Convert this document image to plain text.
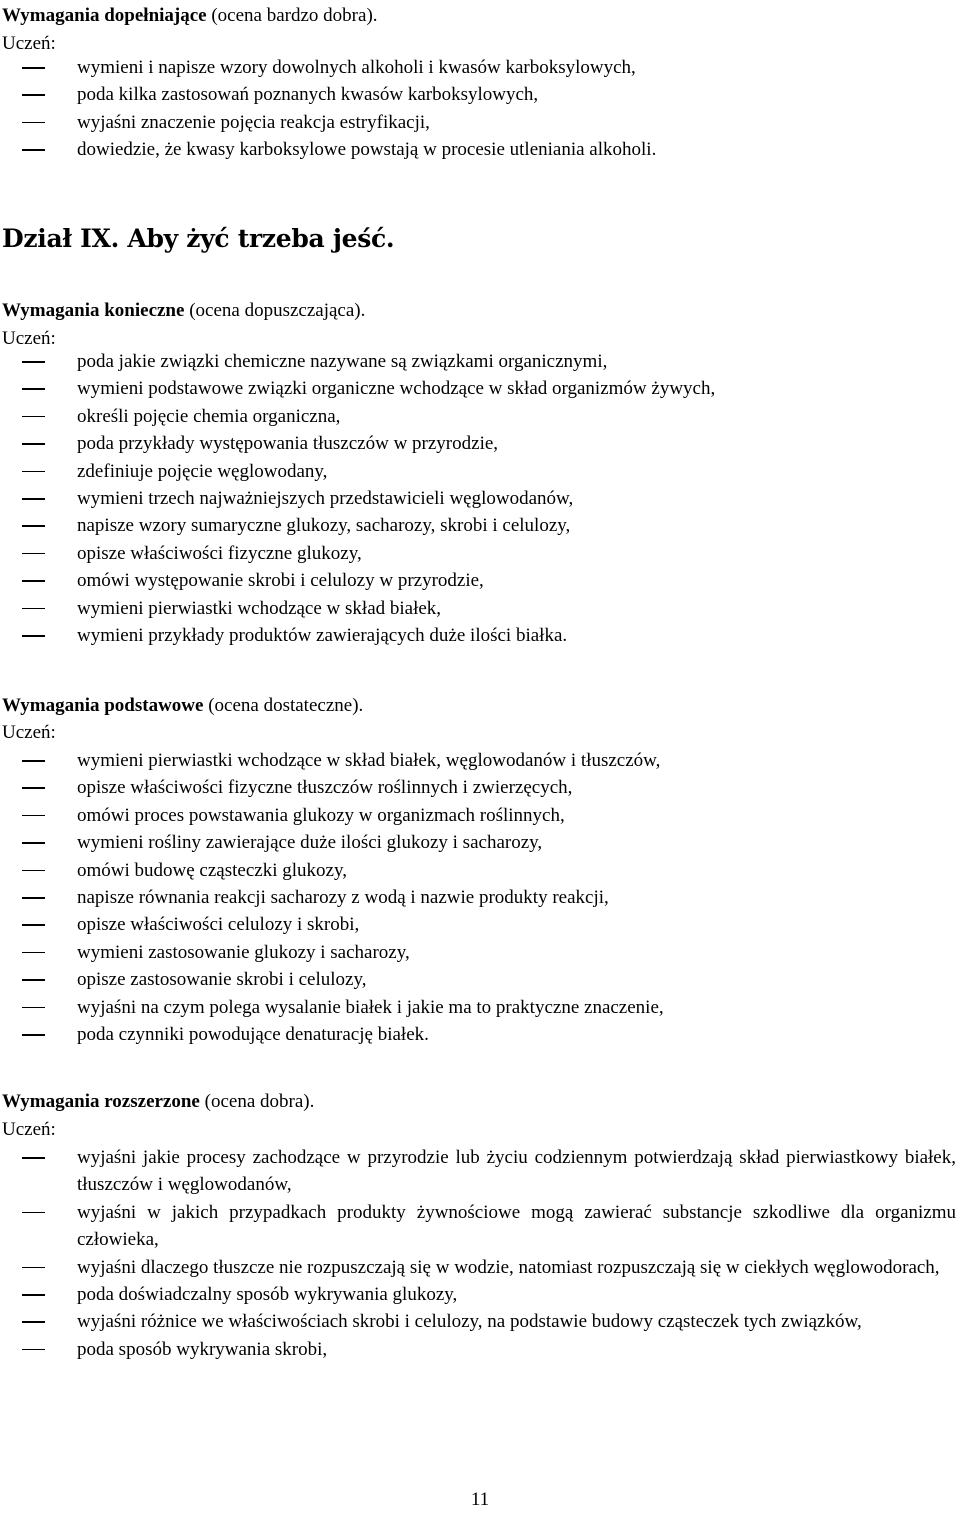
Wymagania dopełniające (ocena bardzo dobra).
Uczeń:
wymieni i napisze wzory dowolnych alkoholi i kwasów karboksylowych,
poda kilka zastosowań poznanych kwasów karboksylowych,
wyjaśni znaczenie pojęcia reakcja estryfikacji,
dowiedzie, że kwasy karboksylowe powstają w procesie utleniania alkoholi.
Dział IX. Aby żyć trzeba jeść.
Wymagania konieczne (ocena dopuszczająca).
Uczeń:
poda jakie związki chemiczne nazywane są związkami organicznymi,
wymieni podstawowe związki organiczne wchodzące w skład organizmów żywych,
określi pojęcie chemia organiczna,
poda przykłady występowania tłuszczów w przyrodzie,
zdefiniuje pojęcie węglowodany,
wymieni trzech najważniejszych przedstawicieli węglowodanów,
napisze wzory sumaryczne glukozy, sacharozy, skrobi i celulozy,
opisze właściwości fizyczne glukozy,
omówi występowanie skrobi i celulozy w przyrodzie,
wymieni pierwiastki wchodzące w skład białek,
wymieni przykłady produktów zawierających duże ilości białka.
Wymagania podstawowe (ocena dostateczne).
Uczeń:
wymieni pierwiastki wchodzące w skład białek, węglowodanów i tłuszczów,
opisze właściwości fizyczne tłuszczów roślinnych i zwierzęcych,
omówi proces powstawania glukozy w organizmach roślinnych,
wymieni rośliny zawierające duże ilości glukozy i sacharozy,
omówi budowę cząsteczki glukozy,
napisze równania reakcji sacharozy z wodą i nazwie produkty reakcji,
opisze właściwości celulozy i skrobi,
wymieni zastosowanie glukozy i sacharozy,
opisze zastosowanie skrobi i celulozy,
wyjaśni na czym polega wysalanie białek i jakie ma to praktyczne znaczenie,
poda czynniki powodujące denaturację białek.
Wymagania rozszerzone (ocena dobra).
Uczeń:
wyjaśni jakie procesy zachodzące w przyrodzie lub życiu codziennym potwierdzają skład pierwiastkowy białek, tłuszczów i węglowodanów,
wyjaśni w jakich przypadkach produkty żywnościowe mogą zawierać substancje szkodliwe dla organizmu człowieka,
wyjaśni dlaczego tłuszcze nie rozpuszczają się w wodzie, natomiast rozpuszczają się w ciekłych węglowodorach,
poda doświadczalny sposób wykrywania glukozy,
wyjaśni różnice we właściwościach skrobi i celulozy, na podstawie budowy cząsteczek tych związków,
poda sposób wykrywania skrobi,
11
